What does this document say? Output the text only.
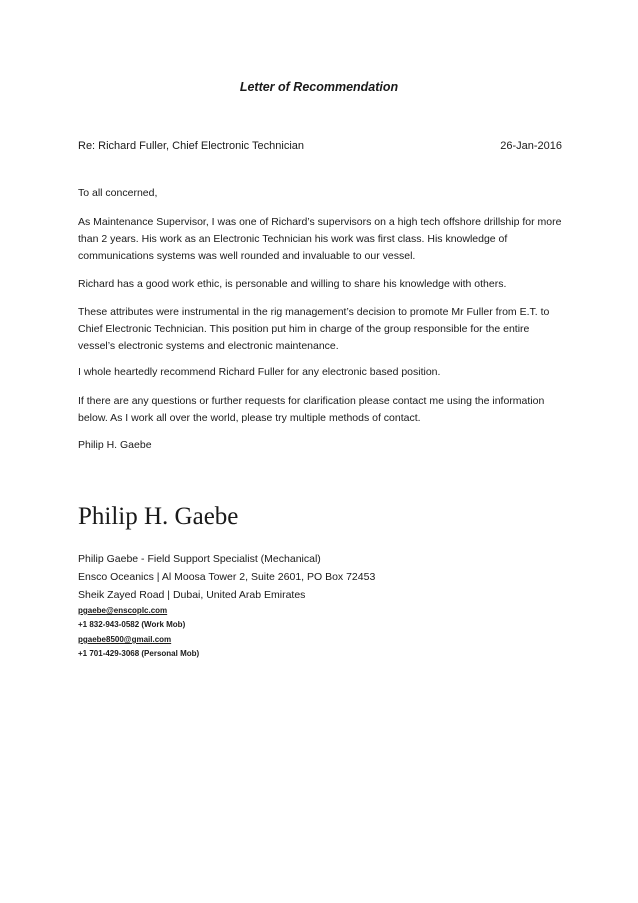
Letter of Recommendation
Re: Richard Fuller, Chief Electronic Technician	26-Jan-2016
To all concerned,
As Maintenance Supervisor, I was one of Richard’s supervisors on a high tech offshore drillship for more than 2 years. His work as an Electronic Technician his work was first class. His knowledge of communications systems was well rounded and invaluable to our vessel.
Richard has a good work ethic, is personable and willing to share his knowledge with others.
These attributes were instrumental in the rig management’s decision to promote Mr Fuller from E.T. to Chief Electronic Technician. This position put him in charge of the group responsible for the entire vessel’s electronic systems and electronic maintenance.
I whole heartedly recommend Richard Fuller for any electronic based position.
If there are any questions or further requests for clarification please contact me using the information below. As I work all over the world, please try multiple methods of contact.
Philip H. Gaebe
Philip H. Gaebe
Philip Gaebe - Field Support Specialist (Mechanical)
Ensco Oceanics | Al Moosa Tower 2, Suite 2601, PO Box 72453
Sheik Zayed Road | Dubai, United Arab Emirates
pgaebe@enscoplc.com
+1 832-943-0582 (Work Mob)
pgaebe8500@gmail.com
+1 701-429-3068 (Personal Mob)
